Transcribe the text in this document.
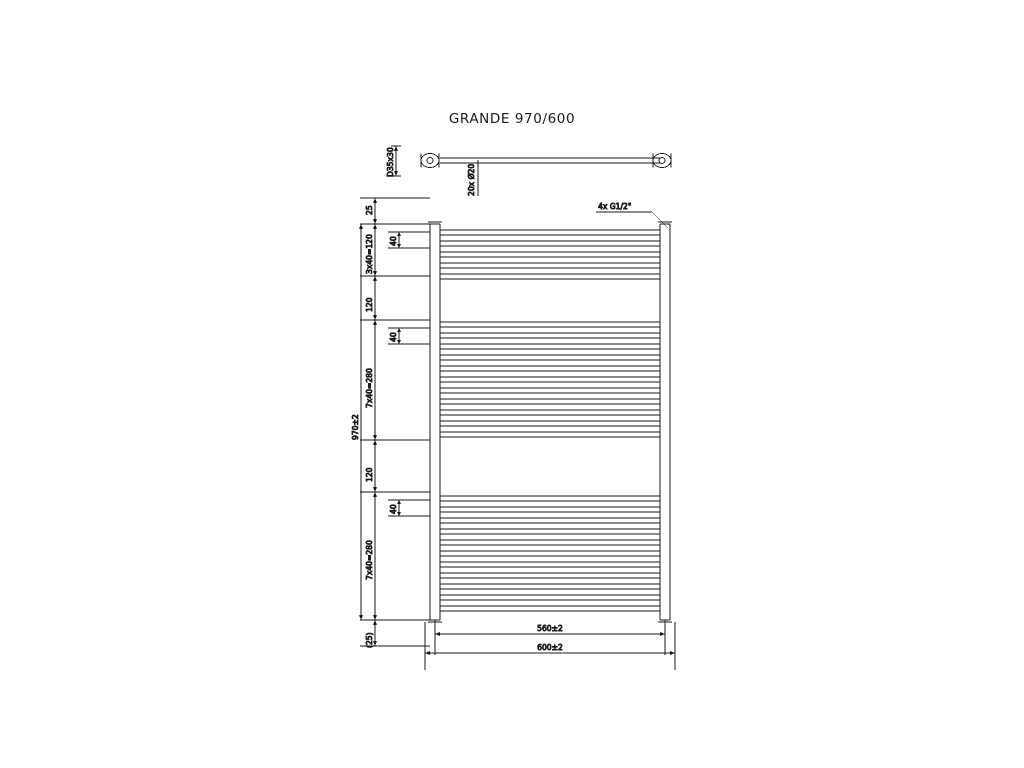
GRANDE 970/600
D35x30
20x Ø20
4x G1/2"
25
3x40=120 40
120
40
7x40=280
120
40
7x40=280
970±2
(25)
560±2
600±2
